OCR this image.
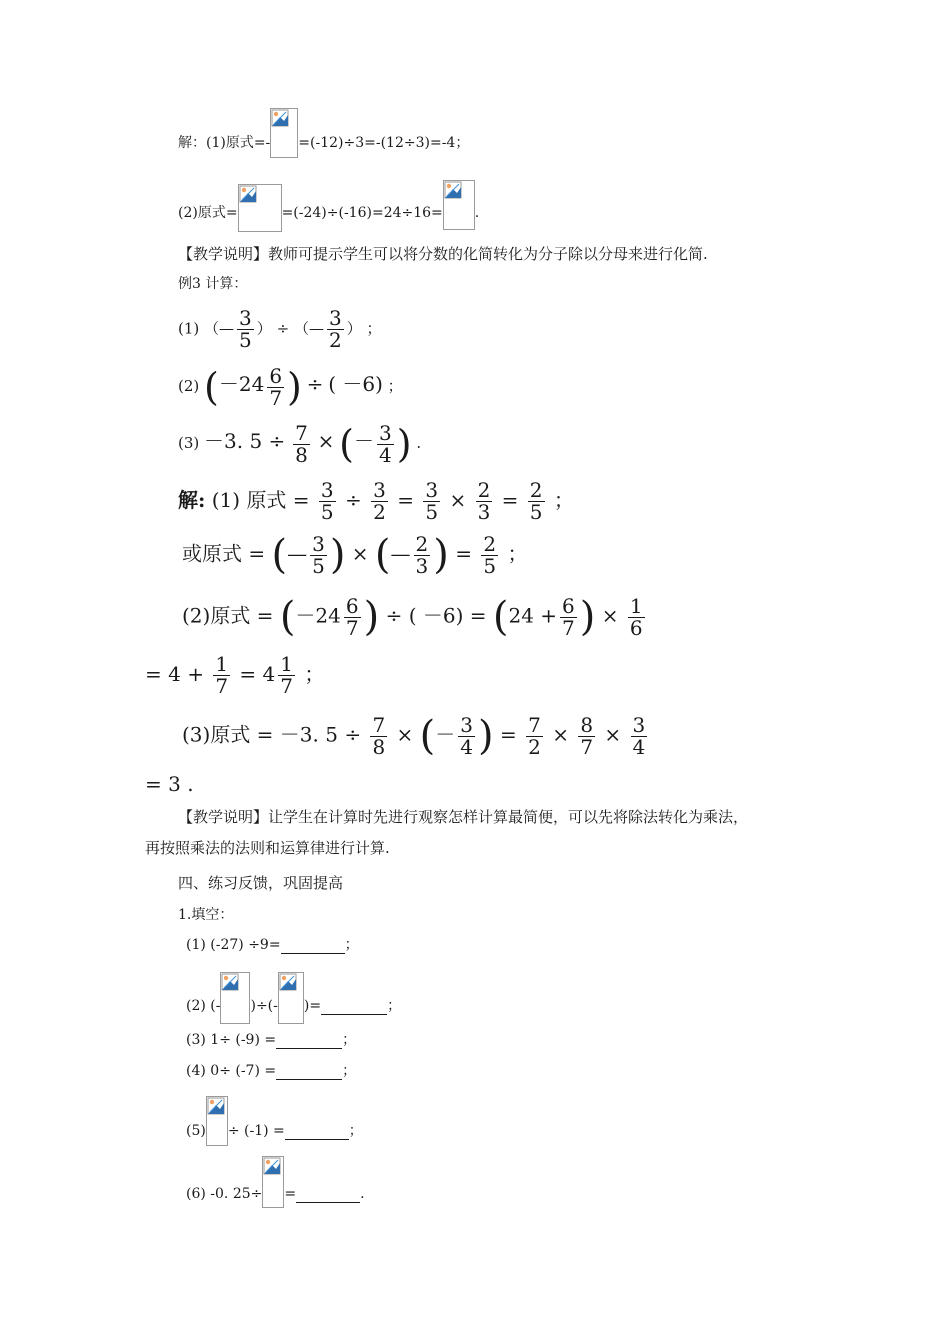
解：(1)原式=- =(-12)÷3=-(12÷3)=-4；
(2)原式=	=(-24)÷(-16)=24÷16= .
【教学说明】教师可提示学生可以将分数的化简转化为分子除以分母来进行化简.
例3 计算：
(1) （— $\frac{3}{5}$ ） ÷ （— $\frac{3}{2}$ ） ；
(2) ($-24 \frac{6}{7}$ ) ÷ ( －6) ；
(3) －3. $5 \div \frac{7}{8}$ × (－ $\frac{3}{4}$ ) .
解: (1) 原式 = $\frac{3}{5} \div \frac{3}{2} = \frac{3}{5} \times \frac{2}{3} = \frac{2}{5}$ ；
或原式 = (— $\frac{3}{5}$ ) × (— $\frac{2}{3}$ ) = $\frac{2}{5}$ ；
(2)原式 = ($-24 \frac{6}{7}$ ) ÷ ( $-6) = (24 + \frac{6}{7}$ ) × $\frac{1}{6}$
= $4 + \frac{1}{7} = 4 \frac{1}{7}$ ；
(3)原式 = －3. $5 \div \frac{7}{8}$ × (－ $\frac{3}{4}$ ) = $\frac{7}{2} \times \frac{8}{7} \times \frac{3}{4}$
= 3 .
【教学说明】让学生在计算时先进行观察怎样计算最简便，可以先将除法转化为乘法，
再按照乘法的法则和运算律进行计算.
四、练习反馈，巩固提高
1.填空：
(1) (-27) ÷9=	；
(2) (- )÷(- )=	；
(3) 1÷ (-9) =	；
(4) 0÷ (-7) =	；
(5) ÷ (-1) =	；
(6) -0. 25÷ =	.
